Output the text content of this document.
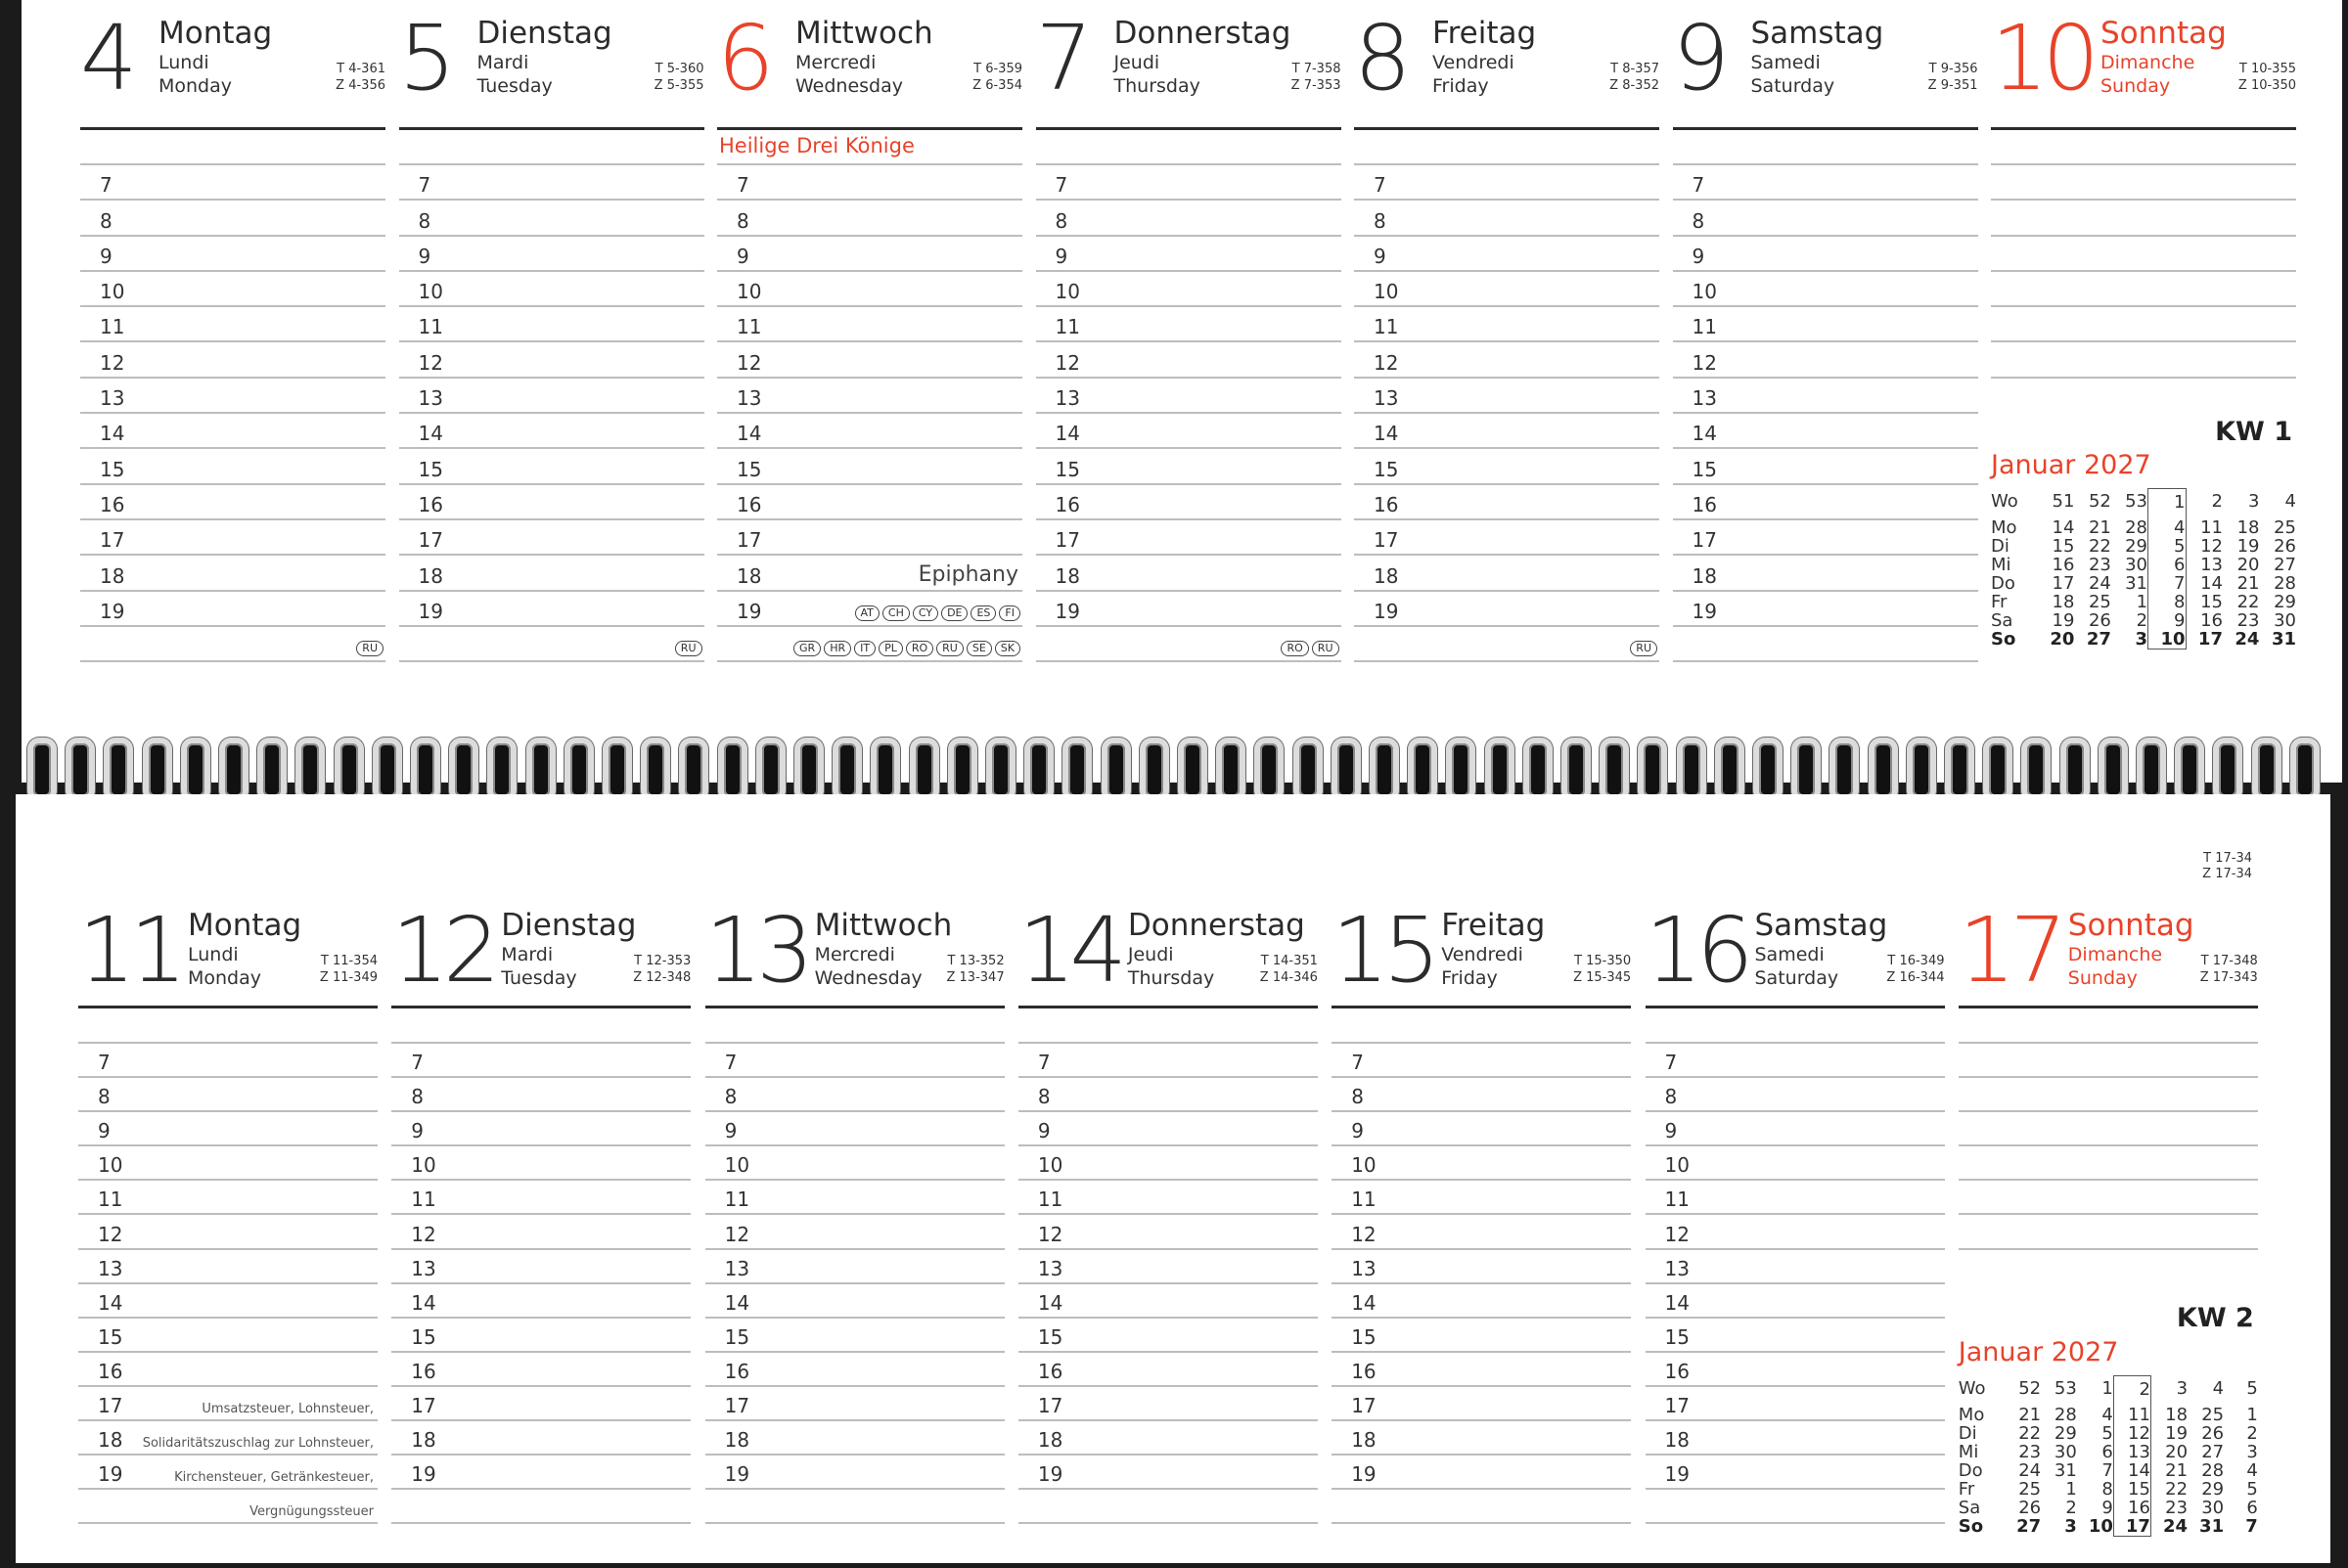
4 Montag
Lundi
Monday
T 4-361
Z 4-356
7
8
9
10
11
12
13
14
15
16
17
18
19
RU
5 Dienstag
Mardi
Tuesday
T 5-360
Z 5-355
7
8
9
10
11
12
13
14
15
16
17
18
19
RU
6 Mittwoch
Mercredi
Wednesday
T 6-359
Z 6-354
Heilige Drei Könige
7
8
9
10
11
12
13
14
15
16
17
18	Epiphany
19	AT	CH	CY	DE	ES	FI
GR	HR	IT	PL	RO	RU	SE	SK
7 Donnerstag
Jeudi
Thursday
T 7-358
Z 7-353
7
8
9
10
11
12
13
14
15
16
17
18
19
RO	RU
8 Freitag
Vendredi
Friday
T 8-357
Z 8-352
7
8
9
10
11
12
13
14
15
16
17
18
19
RU
9 Samstag
Samedi
Saturday
T 9-356
Z 9-351
7
8
9
10
11
12
13
14
15
16
17
18
19
10 Sonntag
Dimanche
Sunday
T 10-355
Z 10-350
KW 1
Januar 2027
Wo	51	52	53	1	2	3	4
Mo	14	21	28	4	11	18	25
Di	15	22	29	5	12	19	26
Mi	16	23	30	6	13	20	27
Do	17	24	31	7	14	21	28
Fr	18	25	1	8	15	22	29
Sa	19	26	2	9	16	23	30
So	20	27	3	10	17	24	31
11 Montag
Lundi
Monday
T 11-354
Z 11-349
7
8
9
10
11
12
13
14
15
16
17	Umsatzsteuer, Lohnsteuer,
18 Solidaritätszuschlag zur Lohnsteuer,
19	Kirchensteuer, Getränkesteuer,
Vergnügungssteuer
12 Dienstag
Mardi
Tuesday
T 12-353
Z 12-348
7
8
9
10
11
12
13
14
15
16
17
18
19
13 Mittwoch
Mercredi
Wednesday
T 13-352
Z 13-347
7
8
9
10
11
12
13
14
15
16
17
18
19
14 Donnerstag
Jeudi
Thursday
T 14-351
Z 14-346
7
8
9
10
11
12
13
14
15
16
17
18
19
15 Freitag
Vendredi
Friday
T 15-350
Z 15-345
7
8
9
10
11
12
13
14
15
16
17
18
19
16 Samstag
Samedi
Saturday
T 16-349
Z 16-344
7
8
9
10
11
12
13
14
15
16
17
18
19
17 Sonntag
Dimanche
Sunday
T 17-348
Z 17-343
KW 2
Januar 2027
Wo	52	53	1	2	3	4	5
Mo	21	28	4	11	18	25	1
Di	22	29	5	12	19	26	2
Mi	23	30	6	13	20	27	3
Do	24	31	7	14	21	28	4
Fr	25	1	8	15	22	29	5
Sa	26	2	9	16	23	30	6
So	27	3	10	17	24	31	7
T 17-34
Z 17-34
